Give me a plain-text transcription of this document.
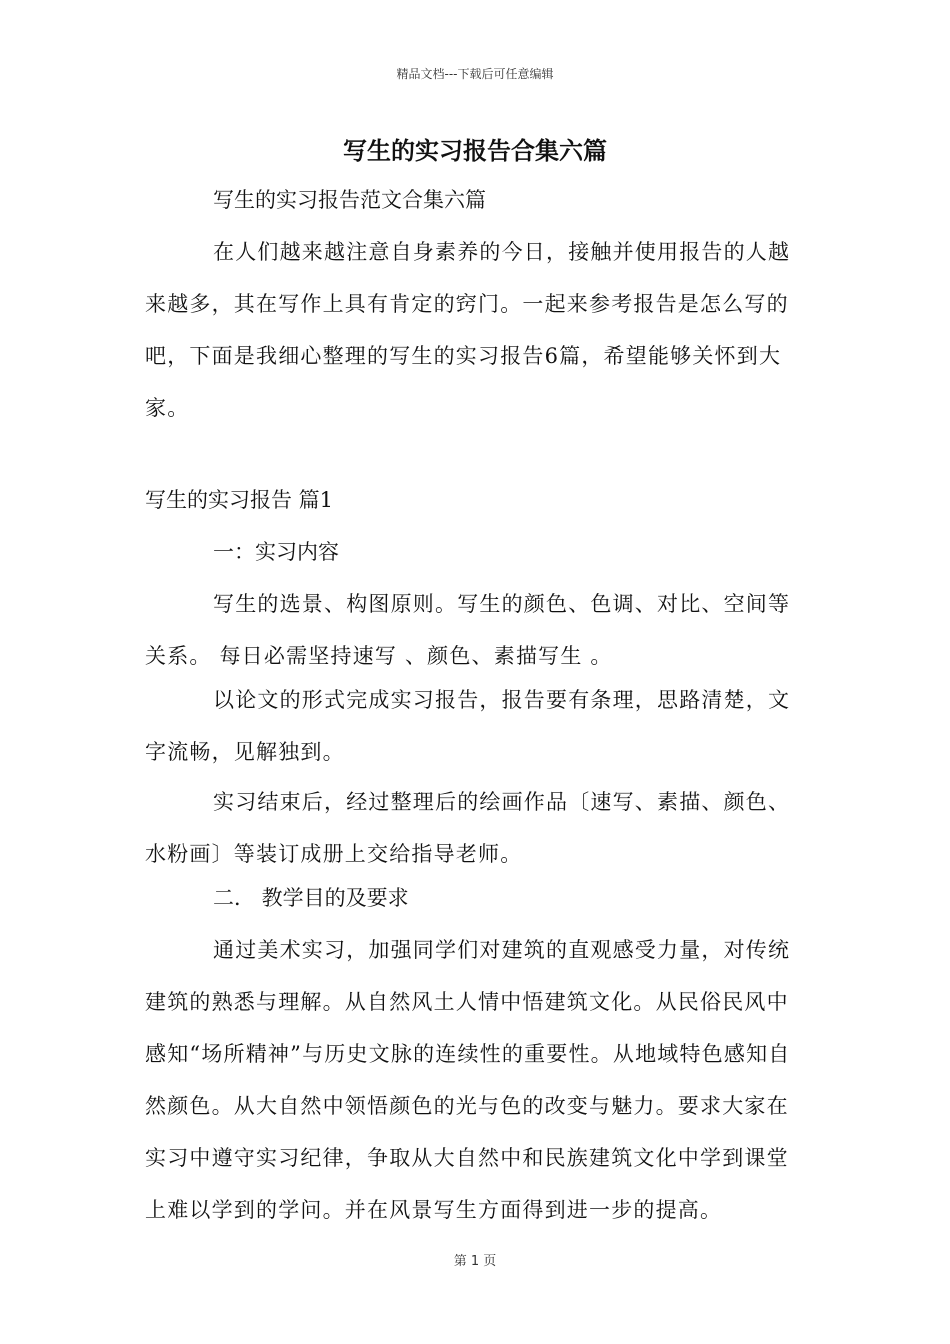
精品文档---下载后可任意编辑
写生的实习报告合集六篇

写生的实习报告范文合集六篇

在人们越来越注意自身素养的今日，接触并使用报告的人越来越多，其在写作上具有肯定的窍门。一起来参考报告是怎么写的吧，下面是我细心整理的写生的实习报告6篇，希望能够关怀到大家。

写生的实习报告 篇1

一：实习内容

写生的选景、构图原则。写生的颜色、色调、对比、空间等关系。 每日必需坚持速写 、颜色、素描写生 。

以论文的形式完成实习报告，报告要有条理，思路清楚，文字流畅，见解独到。

实习结束后，经过整理后的绘画作品〔速写、素描、颜色、水粉画〕等装订成册上交给指导老师。

二． 教学目的及要求

通过美术实习，加强同学们对建筑的直观感受力量，对传统建筑的熟悉与理解。从自然风土人情中悟建筑文化。从民俗民风中感知“场所精神”与历史文脉的连续性的重要性。从地域特色感知自然颜色。从大自然中领悟颜色的光与色的改变与魅力。要求大家在实习中遵守实习纪律，争取从大自然中和民族建筑文化中学到课堂上难以学到的学问。并在风景写生方面得到进一步的提高。

第 1 页
